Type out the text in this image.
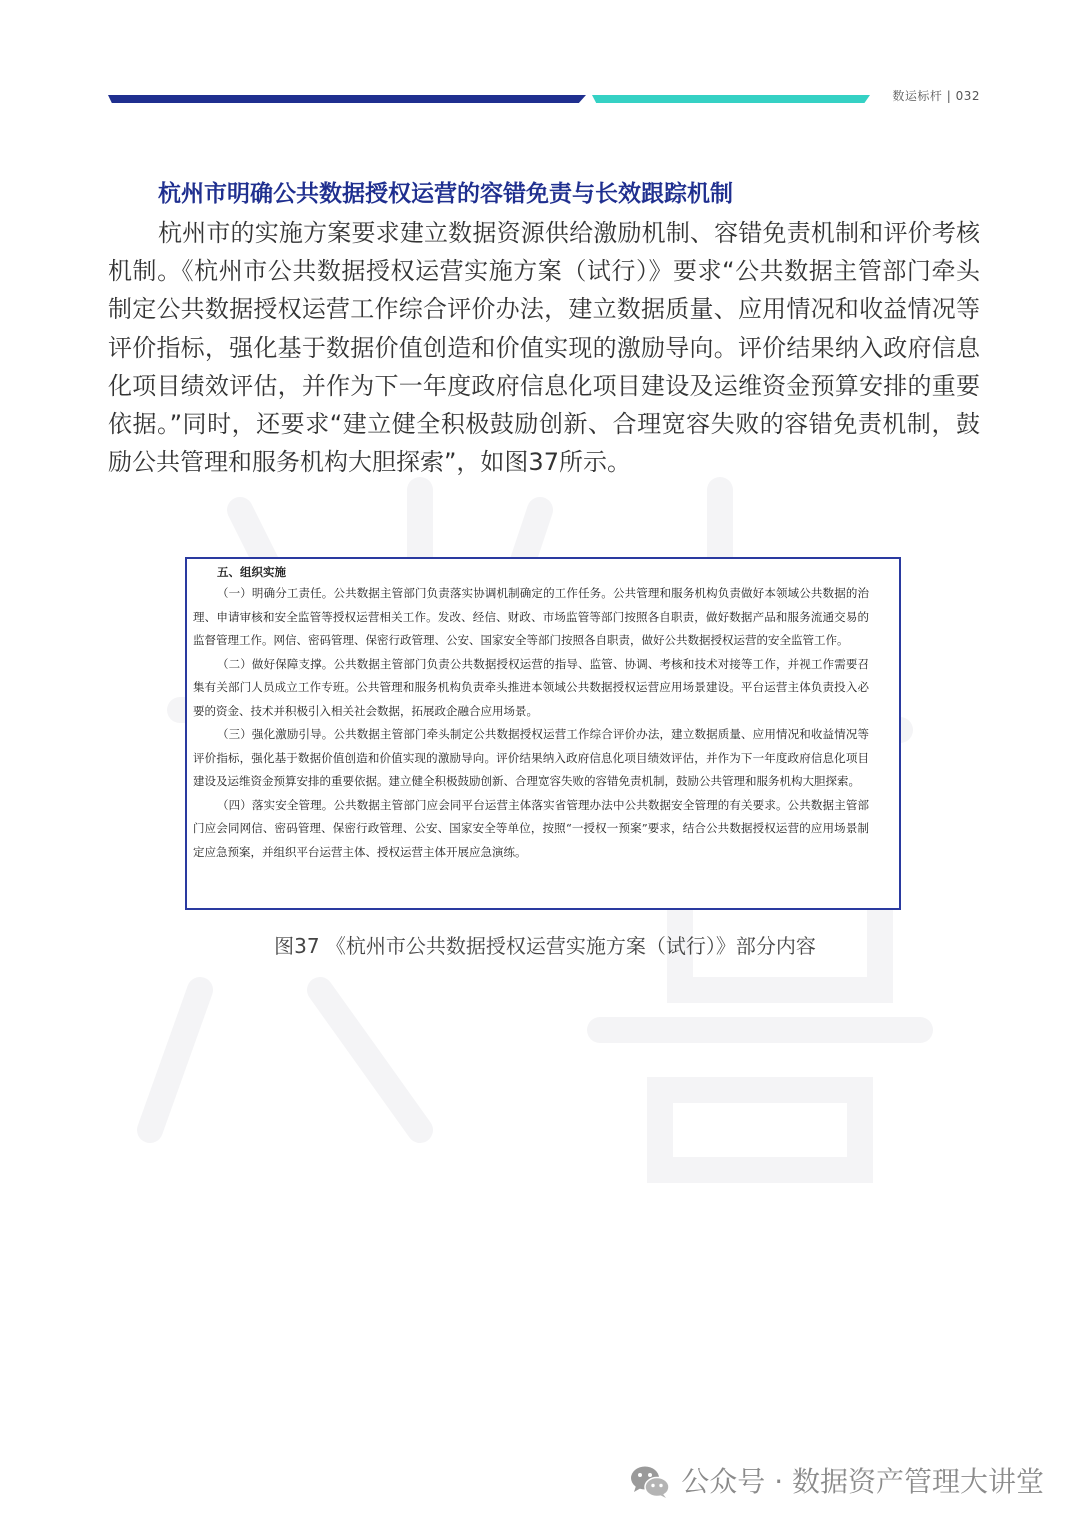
数运标杆 | 032
杭州市明确公共数据授权运营的容错免责与长效跟踪机制

杭州市的实施方案要求建立数据资源供给激励机制、容错免责机制和评价考核机制。《杭州市公共数据授权运营实施方案（试行）》要求“公共数据主管部门牵头制定公共数据授权运营工作综合评价办法，建立数据质量、应用情况和收益情况等评价指标，强化基于数据价值创造和价值实现的激励导向。评价结果纳入政府信息化项目绩效评估，并作为下一年度政府信息化项目建设及运维资金预算安排的重要依据。”同时，还要求“建立健全积极鼓励创新、合理宽容失败的容错免责机制，鼓励公共管理和服务机构大胆探索”，如图37所示。

五、组织实施

（一）明确分工责任。公共数据主管部门负责落实协调机制确定的工作任务。公共管理和服务机构负责做好本领域公共数据的治理、申请审核和安全监管等授权运营相关工作。发改、经信、财政、市场监管等部门按照各自职责，做好数据产品和服务流通交易的监督管理工作。网信、密码管理、保密行政管理、公安、国家安全等部门按照各自职责，做好公共数据授权运营的安全监管工作。

（二）做好保障支撑。公共数据主管部门负责公共数据授权运营的指导、监管、协调、考核和技术对接等工作，并视工作需要召集有关部门人员成立工作专班。公共管理和服务机构负责牵头推进本领域公共数据授权运营应用场景建设。平台运营主体负责投入必要的资金、技术并积极引入相关社会数据，拓展政企融合应用场景。

（三）强化激励引导。公共数据主管部门牵头制定公共数据授权运营工作综合评价办法，建立数据质量、应用情况和收益情况等评价指标，强化基于数据价值创造和价值实现的激励导向。评价结果纳入政府信息化项目绩效评估，并作为下一年度政府信息化项目建设及运维资金预算安排的重要依据。建立健全积极鼓励创新、合理宽容失败的容错免责机制，鼓励公共管理和服务机构大胆探索。

（四）落实安全管理。公共数据主管部门应会同平台运营主体落实省管理办法中公共数据安全管理的有关要求。公共数据主管部门应会同网信、密码管理、保密行政管理、公安、国家安全等单位，按照“一授权一预案”要求，结合公共数据授权运营的应用场景制定应急预案，并组织平台运营主体、授权运营主体开展应急演练。

图37 《杭州市公共数据授权运营实施方案（试行）》部分内容

公众号 · 数据资产管理大讲堂
